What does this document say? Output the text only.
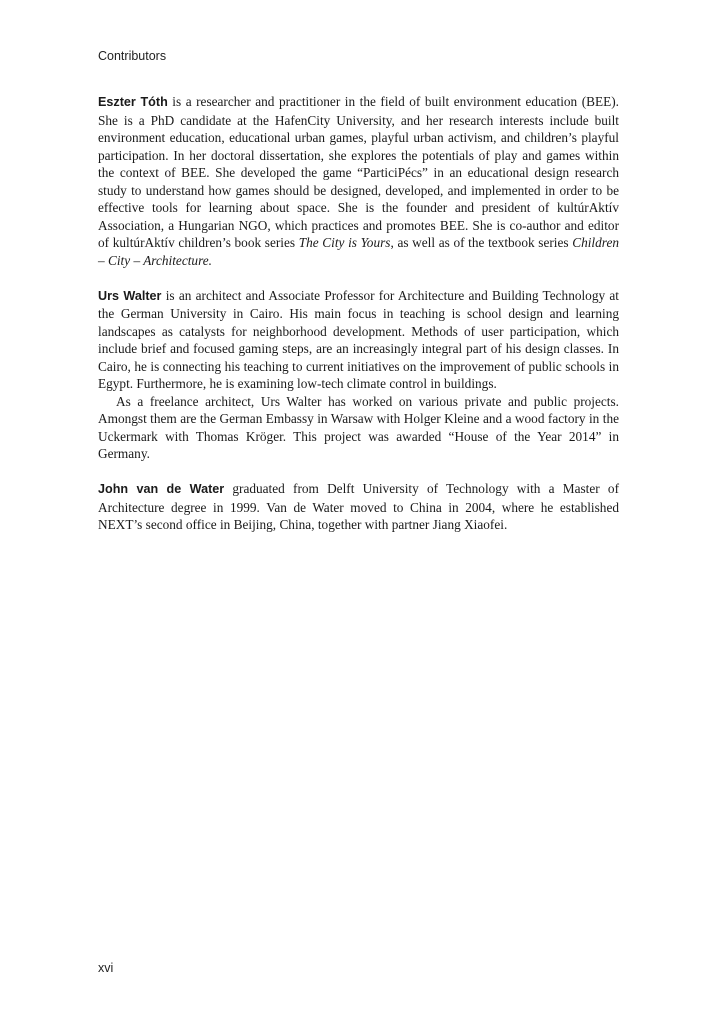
Contributors

Eszter Tóth is a researcher and practitioner in the field of built environment education (BEE). She is a PhD candidate at the HafenCity University, and her research interests include built environment education, educational urban games, playful urban activism, and children’s playful participation. In her doctoral dissertation, she explores the potentials of play and games within the context of BEE. She developed the game “ParticiPécs” in an educational design research study to understand how games should be designed, developed, and implemented in order to be effective tools for learning about space. She is the founder and president of kultúrAktív Association, a Hungarian NGO, which practices and promotes BEE. She is co-author and editor of kultúrAktív children’s book series The City is Yours, as well as of the textbook series Children – City – Architecture.

Urs Walter is an architect and Associate Professor for Architecture and Building Technology at the German University in Cairo. His main focus in teaching is school design and learning landscapes as catalysts for neighborhood development. Methods of user participation, which include brief and focused gaming steps, are an increasingly integral part of his design classes. In Cairo, he is connecting his teaching to current initiatives on the improvement of public schools in Egypt. Furthermore, he is examining low-tech climate control in buildings.

As a freelance architect, Urs Walter has worked on various private and public projects. Amongst them are the German Embassy in Warsaw with Holger Kleine and a wood factory in the Uckermark with Thomas Kröger. This project was awarded “House of the Year 2014” in Germany.

John van de Water graduated from Delft University of Technology with a Master of Architecture degree in 1999. Van de Water moved to China in 2004, where he established NEXT’s second office in Beijing, China, together with partner Jiang Xiaofei.

xvi
